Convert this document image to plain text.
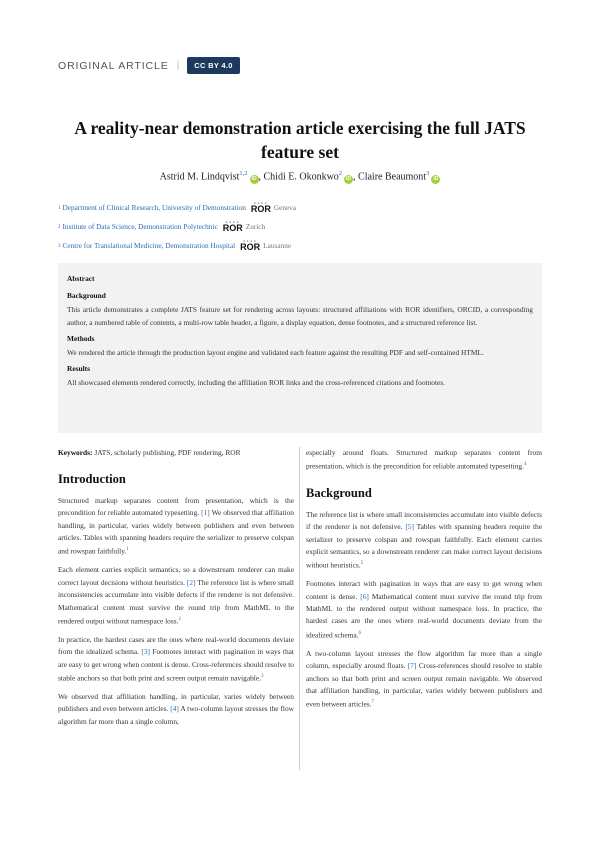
ORIGINAL ARTICLE |	CC BY 4.0
A reality-near demonstration article exercising the full JATS feature set
Astrid M. Lindqvist$^{1,2}$iD , Chidi E. Okonkwo$^2$iD , Claire Beaumont$^3$iD
1 Department of Clinical Research, University of Demonstration
●●●●
ROR Geneva
2 Institute of Data Science, Demonstration Polytechnic
●●●●
ROR Zurich
3 Centre for Translational Medicine, Demonstration Hospital
●●●●
ROR Lausanne
Abstract
Background

This article demonstrates a complete JATS feature set for rendering across layouts: structured affiliations with ROR identifiers, ORCID, a corresponding author, a numbered table of contents, a multi-row table header, a figure, a display equation, dense footnotes, and a structured reference list.

Methods

We rendered the article through the production layout engine and validated each feature against the resulting PDF and self-contained HTML.

Results

All showcased elements rendered correctly, including the affiliation ROR links and the cross-referenced citations and footnotes.

Keywords: JATS, scholarly publishing, PDF rendering, ROR

Introduction

Structured markup separates content from presentation, which is the precondition for reliable automated typesetting. [1] We observed that affiliation handling, in particular, varies widely between publishers and even between articles. Tables with spanning headers require the serializer to preserve colspan and rowspan faithfully.$^1$

Each element carries explicit semantics, so a downstream renderer can make correct layout decisions without heuristics. [2] The reference list is where small inconsistencies accumulate into visible defects if the renderer is not defensive. Mathematical content must survive the round trip from MathML to the rendered output without namespace loss.$^2$

In practice, the hardest cases are the ones where real-world documents deviate from the idealized schema. [3] Footnotes interact with pagination in ways that are easy to get wrong when content is dense. Cross-references should resolve to stable anchors so that both print and screen output remain navigable.$^3$

We observed that affiliation handling, in particular, varies widely between publishers and even between articles. [4] A two-column layout stresses the flow algorithm far more than a single column,

especially around floats. Structured markup separates content from presentation, which is the precondition for reliable automated typesetting.$^4$

Background

The reference list is where small inconsistencies accumulate into visible defects if the renderer is not defensive. [5] Tables with spanning headers require the serializer to preserve colspan and rowspan faithfully. Each element carries explicit semantics, so a downstream renderer can make correct layout decisions without heuristics.$^5$

Footnotes interact with pagination in ways that are easy to get wrong when content is dense. [6] Mathematical content must survive the round trip from MathML to the rendered output without namespace loss. In practice, the hardest cases are the ones where real-world documents deviate from the idealized schema.$^6$

A two-column layout stresses the flow algorithm far more than a single column, especially around floats. [7] Cross-references should resolve to stable anchors so that both print and screen output remain navigable. We observed that affiliation handling, in particular, varies widely between publishers and even between articles.$^7$
